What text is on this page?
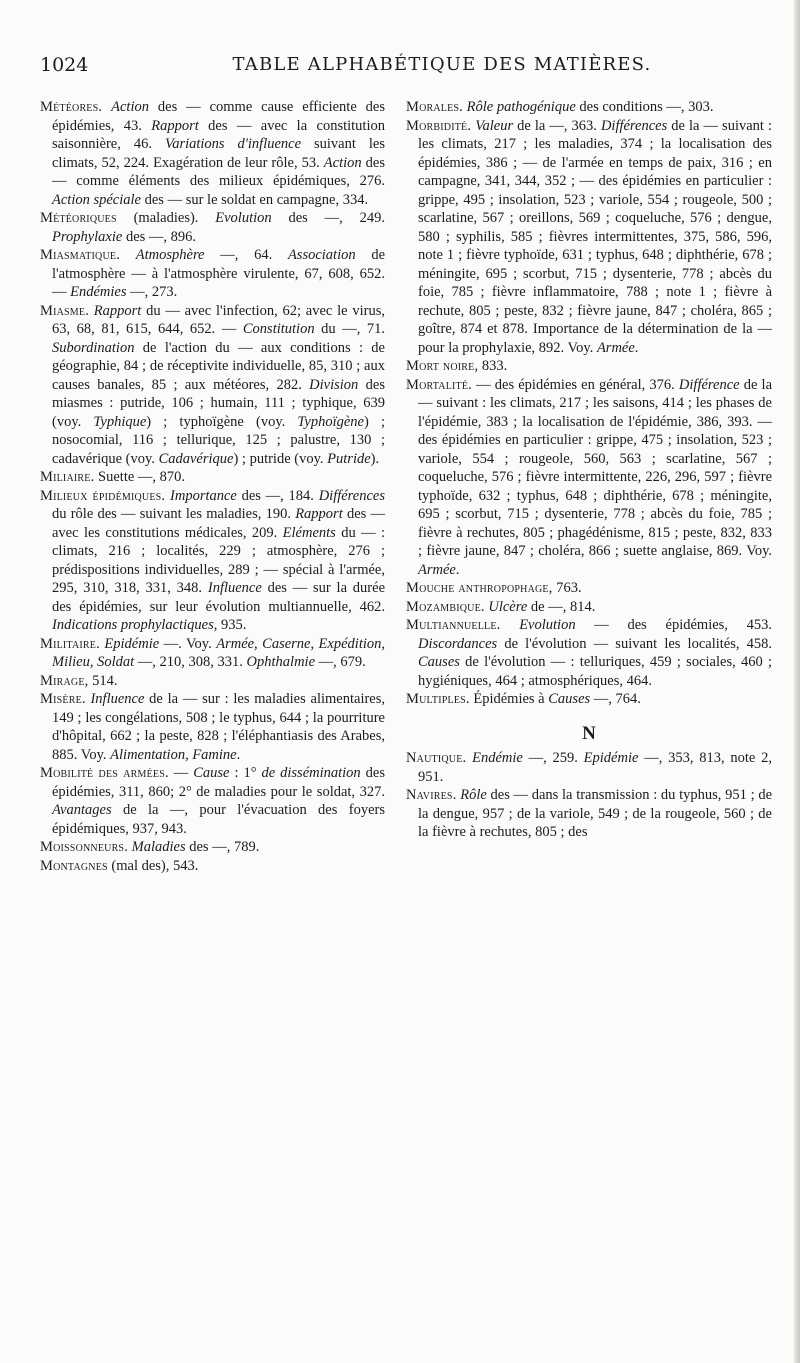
1024	TABLE ALPHABÉTIQUE DES MATIÈRES.

Météores. Action des — comme cause efficiente des épidémies, 43. Rapport des — avec la constitution saisonnière, 46. Variations d'influence suivant les climats, 52, 224. Exagération de leur rôle, 53. Action des — comme éléments des milieux épidémiques, 276. Action spéciale des — sur le soldat en campagne, 334.

Météoriques (maladies). Evolution des —, 249. Prophylaxie des —, 896.

Miasmatique. Atmosphère —, 64. Association de l'atmosphère — à l'atmosphère virulente, 67, 608, 652. — Endémies —, 273.

Miasme. Rapport du — avec l'infection, 62; avec le virus, 63, 68, 81, 615, 644, 652. — Constitution du —, 71. Subordination de l'action du — aux conditions : de géographie, 84 ; de réceptivite individuelle, 85, 310 ; aux causes banales, 85 ; aux météores, 282. Division des miasmes : putride, 106 ; humain, 111 ; typhique, 639 (voy. Typhique) ; typhoïgène (voy. Typhoïgène) ; nosocomial, 116 ; tellurique, 125 ; palustre, 130 ; cadavérique (voy. Cadavérique) ; putride (voy. Putride).

Miliaire. Suette —, 870.

Milieux épidémiques. Importance des —, 184. Différences du rôle des — suivant les maladies, 190. Rapport des — avec les constitutions médicales, 209. Eléments du — : climats, 216 ; localités, 229 ; atmosphère, 276 ; prédispositions individuelles, 289 ; — spécial à l'armée, 295, 310, 318, 331, 348. Influence des — sur la durée des épidémies, sur leur évolution multiannuelle, 462. Indications prophylactiques, 935.

Militaire. Epidémie —. Voy. Armée, Caserne, Expédition, Milieu, Soldat —, 210, 308, 331. Ophthalmie —, 679.

Mirage, 514.

Misère. Influence de la — sur : les maladies alimentaires, 149 ; les congélations, 508 ; le typhus, 644 ; la pourriture d'hôpital, 662 ; la peste, 828 ; l'éléphantiasis des Arabes, 885. Voy. Alimentation, Famine.

Mobilité des armées. — Cause : 1° de dissémination des épidémies, 311, 860; 2° de maladies pour le soldat, 327. Avantages de la —, pour l'évacuation des foyers épidémiques, 937, 943.

Moissonneurs. Maladies des —, 789.

Montagnes (mal des), 543.

Morales. Rôle pathogénique des conditions —, 303.

Morbidité. Valeur de la —, 363. Différences de la — suivant : les climats, 217 ; les maladies, 374 ; la localisation des épidémies, 386 ; — de l'armée en temps de paix, 316 ; en campagne, 341, 344, 352 ; — des épidémies en particulier : grippe, 495 ; insolation, 523 ; variole, 554 ; rougeole, 500 ; scarlatine, 567 ; oreillons, 569 ; coqueluche, 576 ; dengue, 580 ; syphilis, 585 ; fièvres intermittentes, 375, 586, 596, note 1 ; fièvre typhoïde, 631 ; typhus, 648 ; diphthérie, 678 ; méningite, 695 ; scorbut, 715 ; dysenterie, 778 ; abcès du foie, 785 ; fièvre inflammatoire, 788 ; note 1 ; fièvre à rechute, 805 ; peste, 832 ; fièvre jaune, 847 ; choléra, 865 ; goître, 874 et 878. Importance de la détermination de la — pour la prophylaxie, 892. Voy. Armée.

Mort noire, 833.

Mortalité. — des épidémies en général, 376. Différence de la — suivant : les climats, 217 ; les saisons, 414 ; les phases de l'épidémie, 383 ; la localisation de l'épidémie, 386, 393. — des épidémies en particulier : grippe, 475 ; insolation, 523 ; variole, 554 ; rougeole, 560, 563 ; scarlatine, 567 ; coqueluche, 576 ; fièvre intermittente, 226, 296, 597 ; fièvre typhoïde, 632 ; typhus, 648 ; diphthérie, 678 ; méningite, 695 ; scorbut, 715 ; dysenterie, 778 ; abcès du foie, 785 ; fièvre à rechutes, 805 ; phagédénisme, 815 ; peste, 832, 833 ; fièvre jaune, 847 ; choléra, 866 ; suette anglaise, 869. Voy. Armée.

Mouche anthropophage, 763.

Mozambique. Ulcère de —, 814.

Multiannuelle. Evolution — des épidémies, 453. Discordances de l'évolution — suivant les localités, 458. Causes de l'évolution — : telluriques, 459 ; sociales, 460 ; hygiéniques, 464 ; atmosphériques, 464.

Multiples. Épidémies à Causes —, 764.

N

Nautique. Endémie —, 259. Epidémie —, 353, 813, note 2, 951.

Navires. Rôle des — dans la transmission : du typhus, 951 ; de la dengue, 957 ; de la variole, 549 ; de la rougeole, 560 ; de la fièvre à rechutes, 805 ; des
